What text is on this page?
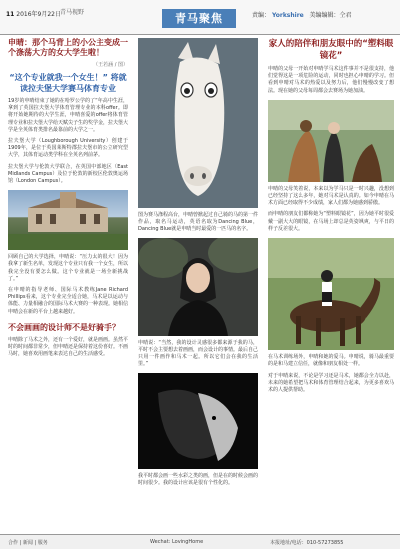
11 2016年9月22日
青马视野	青马聚焦	责编： Yorkshire 美编编辑：仝君
申晴：那个马背上的小公主变成一个涤荡大方的女大学生啦！
（王若涵 / 图）
“这个专业就我一个女生！” 将就读拉夫堡大学赛马体育专业

19岁的申晴结束了她的在哈罗公学的了“年高中生涯，拿到了英国拉夫堡大学体育管理专业的本科offer。即将开始她期待的大学生涯，申晴喜爱的offer将体育管理专业和拉夫堡大学给天赋尖子生的奖学金，拉夫堡大学是全英体育类排名最靠前的大学之一。

拉夫堡大学（Loughborough University）创建于1909年，是位于英国莱斯特郡拉夫堡市的公立研究型大学，其体育运动类学科在全英名列前茅。

拉夫堡大学与伦敦大学联合，在英国中部地区（East Midlands Campus）及位于伦敦的新校区伦敦奥运场馆（London Campus）。

回顾自己的大学选择，申晴说：“压力太的很大！因为我拿了新生名单，发现这个专业只有我一个女生，所以我完全没有要怎么做。这个专业就是一场全新挑战了。”

在申晴的指导老师、国际马术教练Jane Richard Phillips看来，这个专业完全适合她，马术是以运动与体能、力量相融合的国际马术大赛的一种表现。她相信申晴会在新的平台上越来越好。

不会画画的设计师不是好骑手？

申晴除了马术之外，还有一个爱好，就是画画。虽然平时的时间都非常少，但申晴还是保持着这份喜好。不画马时，她喜欢用画笔来表达自己的生活感受。

图为赛马涤程高台，申晴曾掀起过自己骑的马的第一件作品，取名马运动，英语名取为Dancing Blue，Dancing Blue就是申晴当时最爱的一匹马的名字。

申晴说：“当然，我的设计灵感很多都来源于我的马，平时不会主要想去着画画，而会设计的事情。最后自己只用一件画作和马术一起。所以它们会在我的生活里。”

我平时都会画一些水彩之类的画，但是在的时候会画的时间很少。我的设计应该是很有个性化的。

家人的陪伴和朋友眼中的“塑料眼镜花”

申晴的父母一开始对申晴学马术这件事并不是很支持，他们觉得这是一项危险的运动，同时也担心申晴的学习。但看到申晴对马术的热爱以及努力后，他们慢慢改变了想法。现在她的父母每周都会去赛场为她加油。

申晴的父母笑着说，本来以为学马只是一时兴趣，没想到已经坚持了这么多年，她对马术是认真的。如今申晴在马术方面已经取得不少成绩，家人们都为她感到骄傲。

而申晴的朋友们都称她为“塑料眼镜花”，因为她平时很爱戴一副大大的眼镜，在马场上却总是英姿飒爽，与平日的样子反差很大。

在马术训练场外，申晴和她的爱马。申晴说，骑马最重要的是和马建立信任，就像和朋友相处一样。

对于申晴来说，不论是学习还是马术，她都会全力以赴，未来的她希望把马术和体育管理结合起来，为更多喜欢马术的人提供帮助。

合作 | 新闻 | 服务	Wechat: LovingHome	本报地址/电话：010-57273855
